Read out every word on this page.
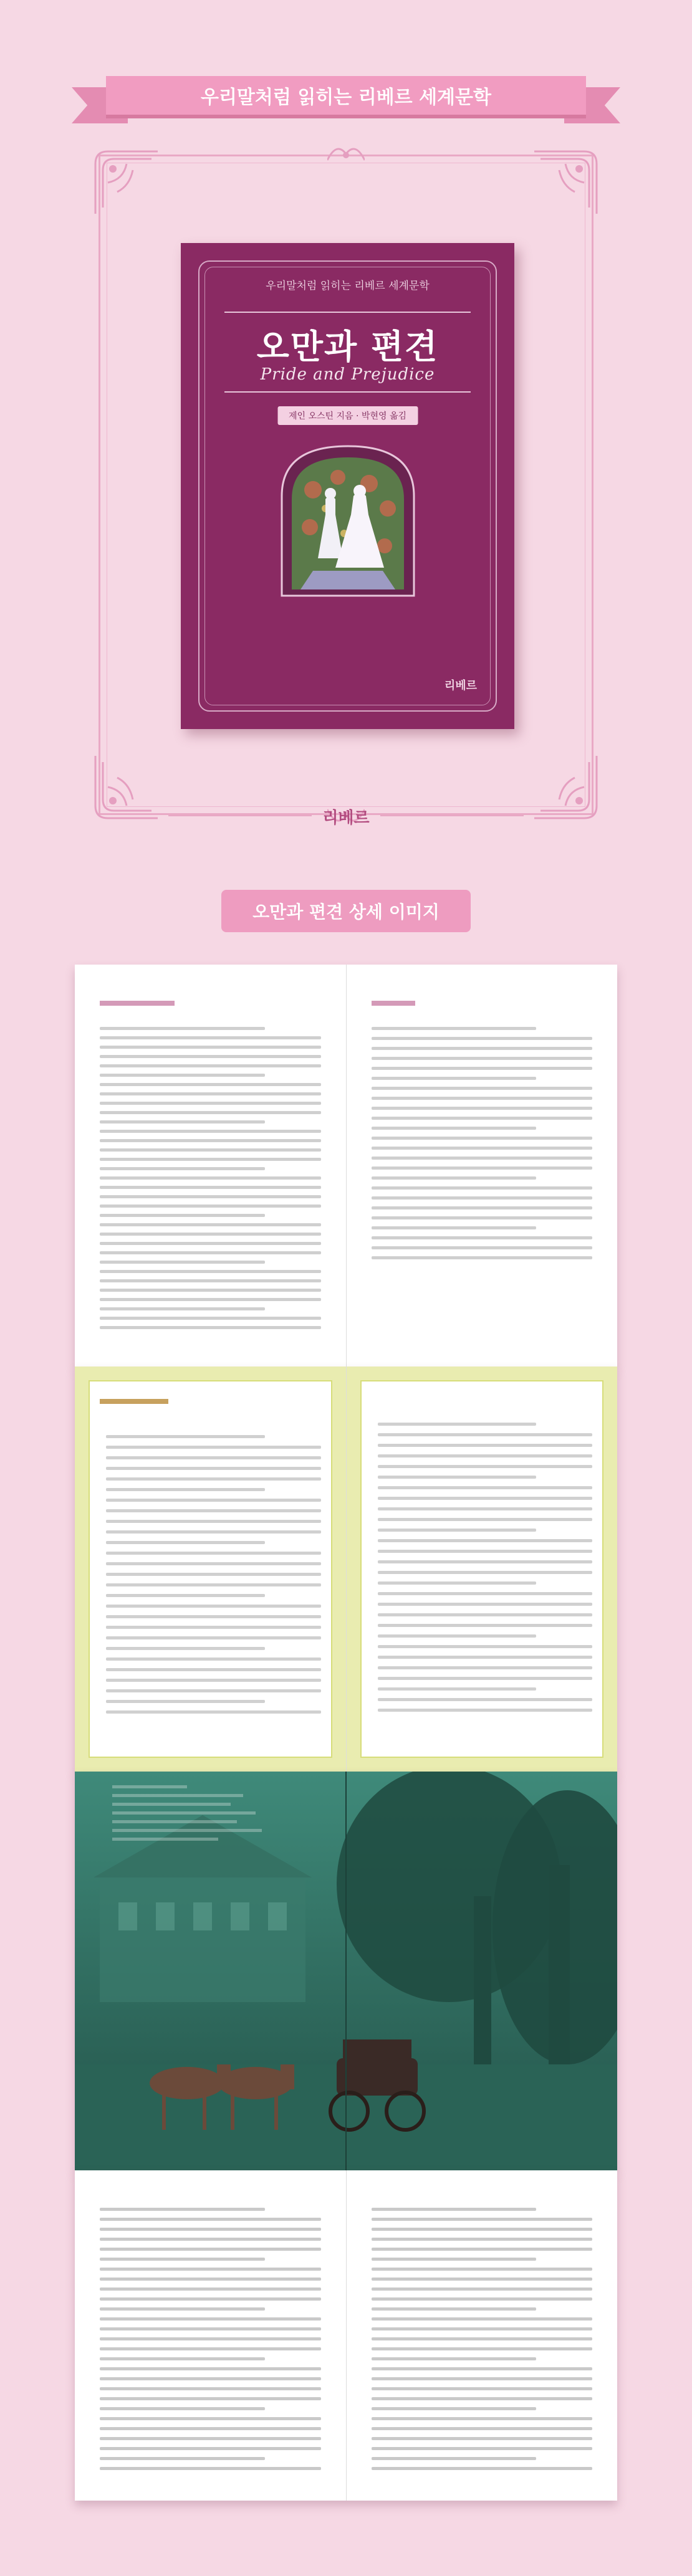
우리말처럼 읽히는 리베르 세계문학
우리말처럼 읽히는 리베르 세계문학
오만과 편견
Pride and Prejudice
제인 오스틴 지음 · 박현영 옮김
리베르
리베르
오만과 편견 상세 이미지
